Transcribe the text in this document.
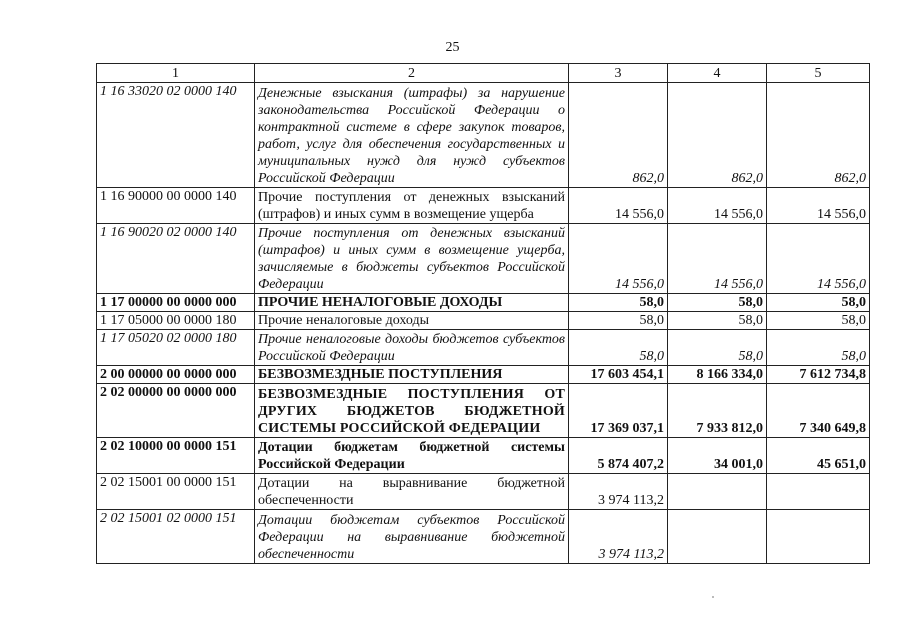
25
1	2	3	4	5
1 16 33020 02 0000 140	Денежные взыскания (штрафы) за нарушение законодательства Российской Федерации о контрактной системе в сфере закупок товаров, работ, услуг для обеспечения государственных и муниципальных нужд для нужд субъектов Российской Федерации	862,0	862,0	862,0
1 16 90000 00 0000 140	Прочие поступления от денежных взысканий (штрафов) и иных сумм в возмещение ущерба	14 556,0	14 556,0	14 556,0
1 16 90020 02 0000 140	Прочие поступления от денежных взысканий (штрафов) и иных сумм в возмещение ущерба, зачисляемые в бюджеты субъектов Российской Федерации	14 556,0	14 556,0	14 556,0
1 17 00000 00 0000 000	ПРОЧИЕ НЕНАЛОГОВЫЕ ДОХОДЫ	58,0	58,0	58,0
1 17 05000 00 0000 180	Прочие неналоговые доходы	58,0	58,0	58,0
1 17 05020 02 0000 180	Прочие неналоговые доходы бюджетов субъектов Российской Федерации	58,0	58,0	58,0
2 00 00000 00 0000 000	БЕЗВОЗМЕЗДНЫЕ ПОСТУПЛЕНИЯ	17 603 454,1	8 166 334,0	7 612 734,8
2 02 00000 00 0000 000	БЕЗВОЗМЕЗДНЫЕ ПОСТУПЛЕНИЯ ОТ ДРУГИХ БЮДЖЕТОВ БЮДЖЕТНОЙ СИСТЕМЫ РОССИЙСКОЙ ФЕДЕРАЦИИ	17 369 037,1	7 933 812,0	7 340 649,8
2 02 10000 00 0000 151	Дотации бюджетам бюджетной системы Российской Федерации	5 874 407,2	34 001,0	45 651,0
2 02 15001 00 0000 151	Дотации на выравнивание бюджетной обеспеченности	3 974 113,2		
2 02 15001 02 0000 151	Дотации бюджетам субъектов Российской Федерации на выравнивание бюджетной обеспеченности	3 974 113,2		
